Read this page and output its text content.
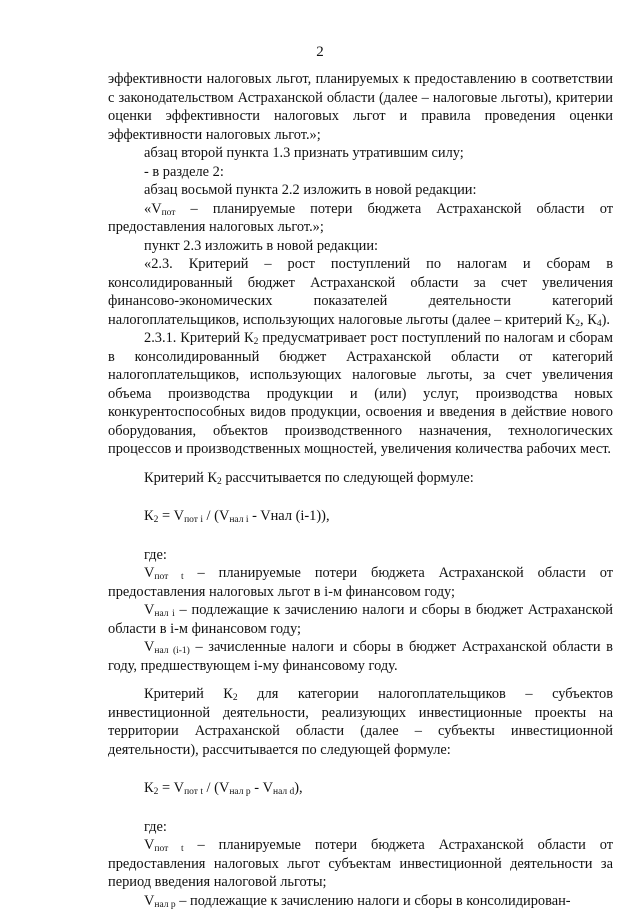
2

эффективности налоговых льгот, планируемых к предоставлению в соответствии с законодательством Астраханской области (далее – налоговые льготы), критерии оценки эффективности налоговых льгот и правила проведения оценки эффективности налоговых льгот.»;

абзац второй пункта 1.3 признать утратившим силу;

- в разделе 2:

абзац восьмой пункта 2.2 изложить в новой редакции:

«$V_{пот}$ – планируемые потери бюджета Астраханской области от предоставления налоговых льгот.»;

пункт 2.3 изложить в новой редакции:

«2.3. Критерий – рост поступлений по налогам и сборам в консолидированный бюджет Астраханской области за счет увеличения финансово-экономических показателей деятельности категорий налогоплательщиков, использующих налоговые льготы (далее – критерий $К_2$, $К_4$).

2.3.1. Критерий $К_2$ предусматривает рост поступлений по налогам и сборам в консолидированный бюджет Астраханской области от категорий налогоплательщиков, использующих налоговые льготы, за счет увеличения объема производства продукции и (или) услуг, производства новых конкурентоспособных видов продукции, освоения и введения в действие нового оборудования, объектов производственного назначения, технологических процессов и производственных мощностей, увеличения количества рабочих мест.

Критерий $К_2$ рассчитывается по следующей формуле:

$К_2 = V_{пот i} / (V_{нал i}$ - Vнал (i-1)),

где:

$V_{пот t}$ – планируемые потери бюджета Астраханской области от предоставления налоговых льгот в i-м финансовом году;

$V_{нал i}$ – подлежащие к зачислению налоги и сборы в бюджет Астраханской области в i-м финансовом году;

$V_{нал (i-1)}$ – зачисленные налоги и сборы в бюджет Астраханской области в году, предшествующем i-му финансовому году.

Критерий $К_2$ для категории налогоплательщиков – субъектов инвестиционной деятельности, реализующих инвестиционные проекты на территории Астраханской области (далее – субъекты инвестиционной деятельности), рассчитывается по следующей формуле:

$К_2 = V_{пот t} / (V_{нал р} - V_{нал d})$,

где:

$V_{пот t}$ – планируемые потери бюджета Астраханской области от предоставления налоговых льгот субъектам инвестиционной деятельности за период введения налоговой льготы;

$V_{нал р}$ – подлежащие к зачислению налоги и сборы в консолидирован-
